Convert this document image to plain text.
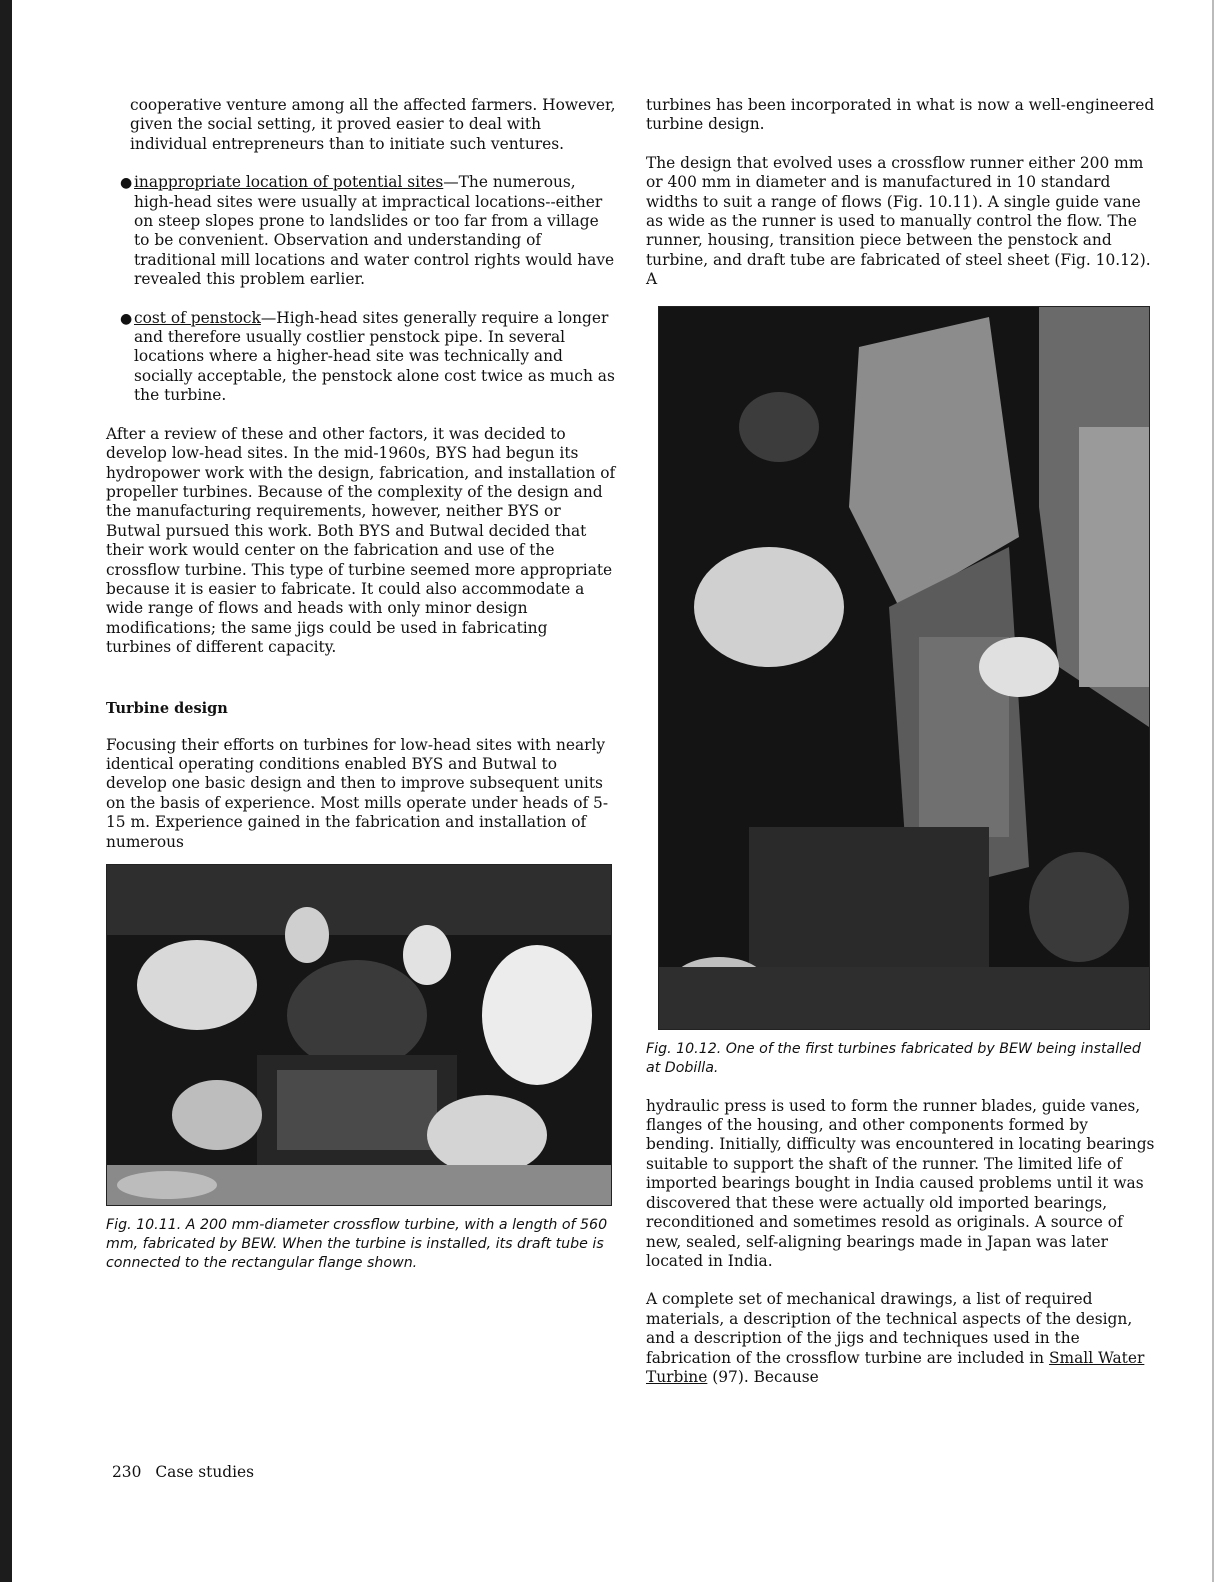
cooperative venture among all the affected farmers. However, given the social setting, it proved easier to deal with individual entrepreneurs than to initiate such ventures.

● inappropriate location of potential sites—The numerous, high-head sites were usually at impractical locations--either on steep slopes prone to landslides or too far from a village to be convenient. Observation and understanding of traditional mill locations and water control rights would have revealed this problem earlier.
● cost of penstock—High-head sites generally require a longer and therefore usually costlier penstock pipe. In several locations where a higher-head site was technically and socially acceptable, the penstock alone cost twice as much as the turbine.

After a review of these and other factors, it was decided to develop low-head sites. In the mid-1960s, BYS had begun its hydropower work with the design, fabrication, and installation of propeller turbines. Because of the complexity of the design and the manufacturing requirements, however, neither BYS or Butwal pursued this work. Both BYS and Butwal decided that their work would center on the fabrication and use of the crossflow turbine. This type of turbine seemed more appropriate because it is easier to fabricate. It could also accommodate a wide range of flows and heads with only minor design modifications; the same jigs could be used in fabricating turbines of different capacity.

Turbine design

Focusing their efforts on turbines for low-head sites with nearly identical operating conditions enabled BYS and Butwal to develop one basic design and then to improve subsequent units on the basis of experience. Most mills operate under heads of 5-15 m. Experience gained in the fabrication and installation of numerous

Fig. 10.11. A 200 mm-diameter crossflow turbine, with a length of 560 mm, fabricated by BEW. When the turbine is installed, its draft tube is connected to the rectangular flange shown.

turbines has been incorporated in what is now a well-engineered turbine design.

The design that evolved uses a crossflow runner either 200 mm or 400 mm in diameter and is manufactured in 10 standard widths to suit a range of flows (Fig. 10.11). A single guide vane as wide as the runner is used to manually control the flow. The runner, housing, transition piece between the penstock and turbine, and draft tube are fabricated of steel sheet (Fig. 10.12). A

Fig. 10.12. One of the first turbines fabricated by BEW being installed at Dobilla.

hydraulic press is used to form the runner blades, guide vanes, flanges of the housing, and other components formed by bending. Initially, difficulty was encountered in locating bearings suitable to support the shaft of the runner. The limited life of imported bearings bought in India caused problems until it was discovered that these were actually old imported bearings, reconditioned and sometimes resold as originals. A source of new, sealed, self-aligning bearings made in Japan was later located in India.

A complete set of mechanical drawings, a list of required materials, a description of the technical aspects of the design, and a description of the jigs and techniques used in the fabrication of the crossflow turbine are included in Small Water Turbine (97). Because

230 Case studies
